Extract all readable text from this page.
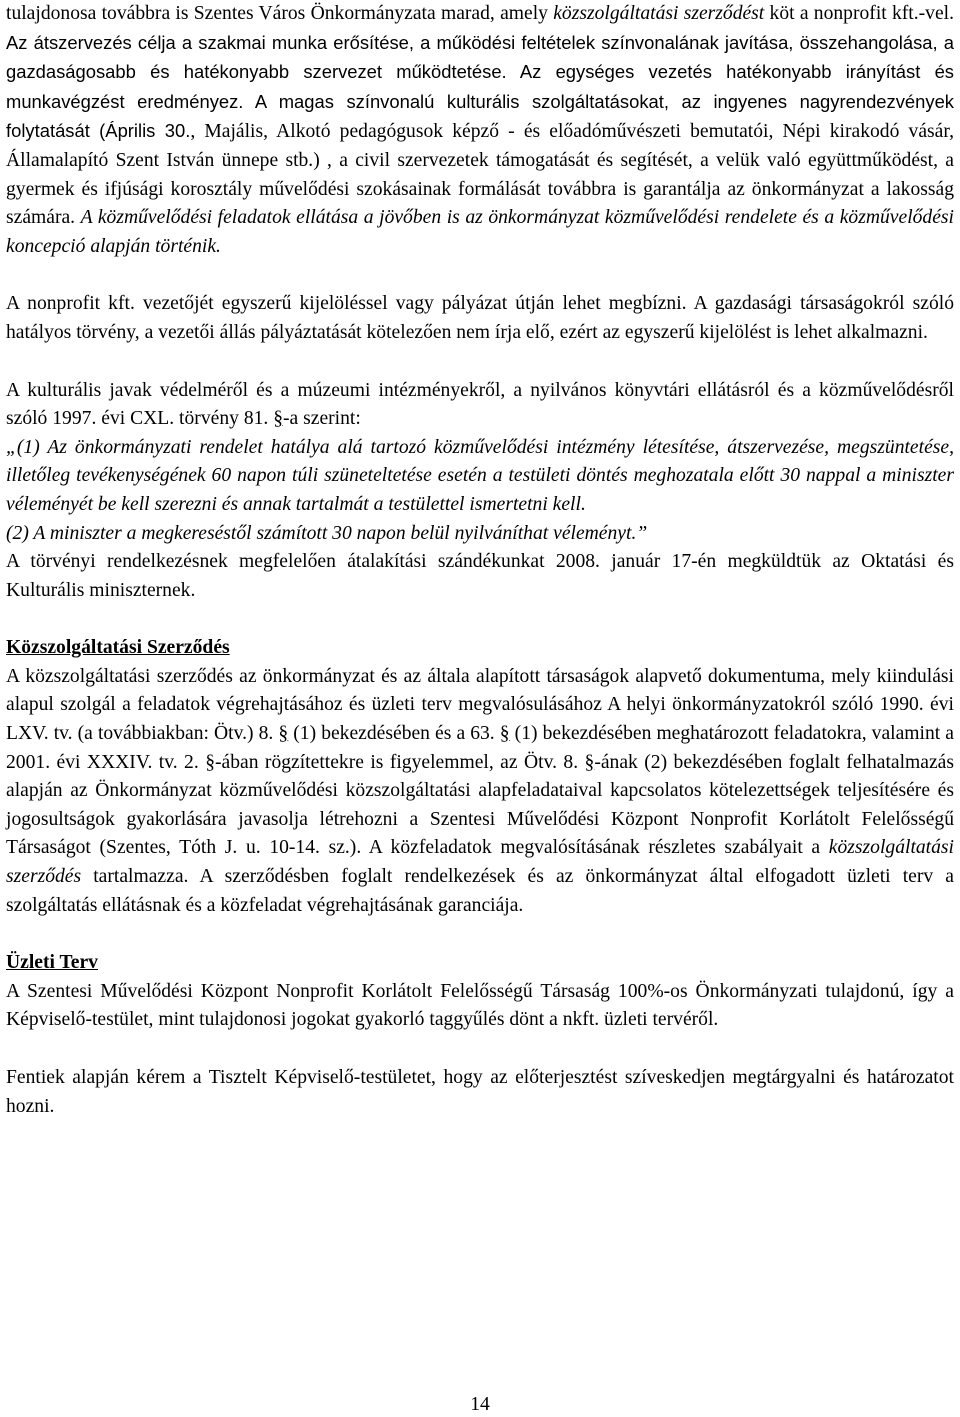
tulajdonosa továbbra is Szentes Város Önkormányzata marad, amely közszolgáltatási szerződést köt a nonprofit kft.-vel. Az átszervezés célja a szakmai munka erősítése, a működési feltételek színvonalának javítása, összehangolása, a gazdaságosabb és hatékonyabb szervezet működtetése. Az egységes vezetés hatékonyabb irányítást és munkavégzést eredményez. A magas színvonalú kulturális szolgáltatásokat, az ingyenes nagyrendezvények folytatását (Április 30., Majális, Alkotó pedagógusok képző - és előadóművészeti bemutatói, Népi kirakodó vásár, Államalapító Szent István ünnepe stb.) , a civil szervezetek támogatását és segítését, a velük való együttműködést, a gyermek és ifjúsági korosztály művelődési szokásainak formálását továbbra is garantálja az önkormányzat a lakosság számára. A közművelődési feladatok ellátása a jövőben is az önkormányzat közművelődési rendelete és a közművelődési koncepció alapján történik.

A nonprofit kft. vezetőjét egyszerű kijelöléssel vagy pályázat útján lehet megbízni. A gazdasági társaságokról szóló hatályos törvény, a vezetői állás pályáztatását kötelezően nem írja elő, ezért az egyszerű kijelölést is lehet alkalmazni.

A kulturális javak védelméről és a múzeumi intézményekről, a nyilvános könyvtári ellátásról és a közművelődésről szóló 1997. évi CXL. törvény 81. §-a szerint:

„(1) Az önkormányzati rendelet hatálya alá tartozó közművelődési intézmény létesítése, átszervezése, megszüntetése, illetőleg tevékenységének 60 napon túli szüneteltetése esetén a testületi döntés meghozatala előtt 30 nappal a miniszter véleményét be kell szerezni és annak tartalmát a testülettel ismertetni kell.

(2) A miniszter a megkereséstől számított 30 napon belül nyilváníthat véleményt.”

A törvényi rendelkezésnek megfelelően átalakítási szándékunkat 2008. január 17-én megküldtük az Oktatási és Kulturális miniszternek.

Közszolgáltatási Szerződés

A közszolgáltatási szerződés az önkormányzat és az általa alapított társaságok alapvető dokumentuma, mely kiindulási alapul szolgál a feladatok végrehajtásához és üzleti terv megvalósulásához A helyi önkormányzatokról szóló 1990. évi LXV. tv. (a továbbiakban: Ötv.) 8. § (1) bekezdésében és a 63. § (1) bekezdésében meghatározott feladatokra, valamint a 2001. évi XXXIV. tv. 2. §-ában rögzítettekre is figyelemmel, az Ötv. 8. §-ának (2) bekezdésében foglalt felhatalmazás alapján az Önkormányzat közművelődési közszolgáltatási alapfeladataival kapcsolatos kötelezettségek teljesítésére és jogosultságok gyakorlására javasolja létrehozni a Szentesi Művelődési Központ Nonprofit Korlátolt Felelősségű Társaságot (Szentes, Tóth J. u. 10-14. sz.). A közfeladatok megvalósításának részletes szabályait a közszolgáltatási szerződés tartalmazza. A szerződésben foglalt rendelkezések és az önkormányzat által elfogadott üzleti terv a szolgáltatás ellátásnak és a közfeladat végrehajtásának garanciája.

Üzleti Terv

A Szentesi Művelődési Központ Nonprofit Korlátolt Felelősségű Társaság 100%-os Önkormányzati tulajdonú, így a Képviselő-testület, mint tulajdonosi jogokat gyakorló taggyűlés dönt a nkft. üzleti tervéről.

Fentiek alapján kérem a Tisztelt Képviselő-testületet, hogy az előterjesztést szíveskedjen megtárgyalni és határozatot hozni.

14
